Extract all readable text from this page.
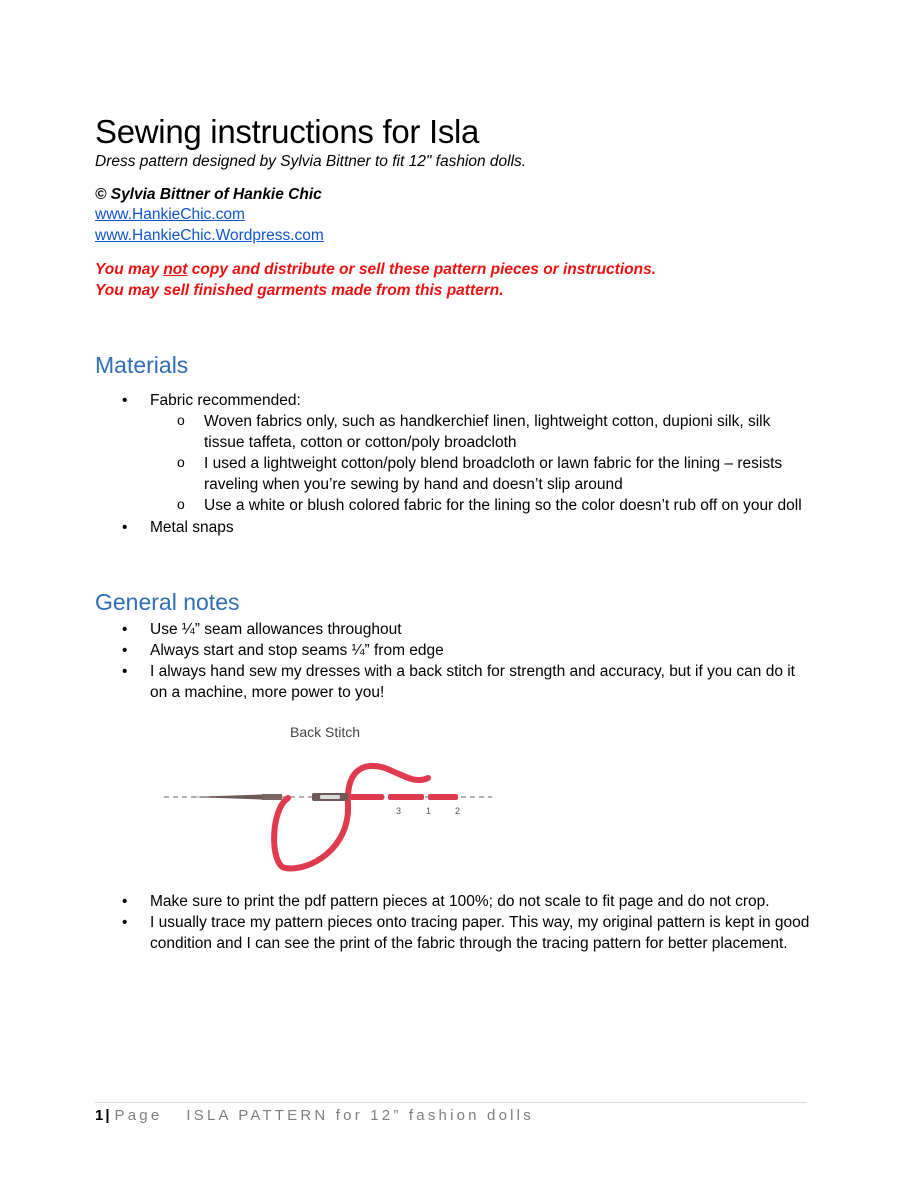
Sewing instructions for Isla
Dress pattern designed by Sylvia Bittner to fit 12" fashion dolls.
© Sylvia Bittner of Hankie Chic
www.HankieChic.com
www.HankieChic.Wordpress.com
You may not copy and distribute or sell these pattern pieces or instructions.
You may sell finished garments made from this pattern.
Materials
• Fabric recommended:
o Woven fabrics only, such as handkerchief linen, lightweight cotton, dupioni silk, silk tissue taffeta, cotton or cotton/poly broadcloth
o I used a lightweight cotton/poly blend broadcloth or lawn fabric for the lining – resists raveling when you’re sewing by hand and doesn’t slip around
o Use a white or blush colored fabric for the lining so the color doesn’t rub off on your doll
• Metal snaps
General notes
• Use ¼” seam allowances throughout
• Always start and stop seams ¼” from edge
• I always hand sew my dresses with a back stitch for strength and accuracy, but if you can do it on a machine, more power to you!
Back Stitch
3	1	2
• Make sure to print the pdf pattern pieces at 100%; do not scale to fit page and do not crop.
• I usually trace my pattern pieces onto tracing paper. This way, my original pattern is kept in good condition and I can see the print of the fabric through the tracing pattern for better placement.
1 | Page ISLA PATTERN for 12” fashion dolls
